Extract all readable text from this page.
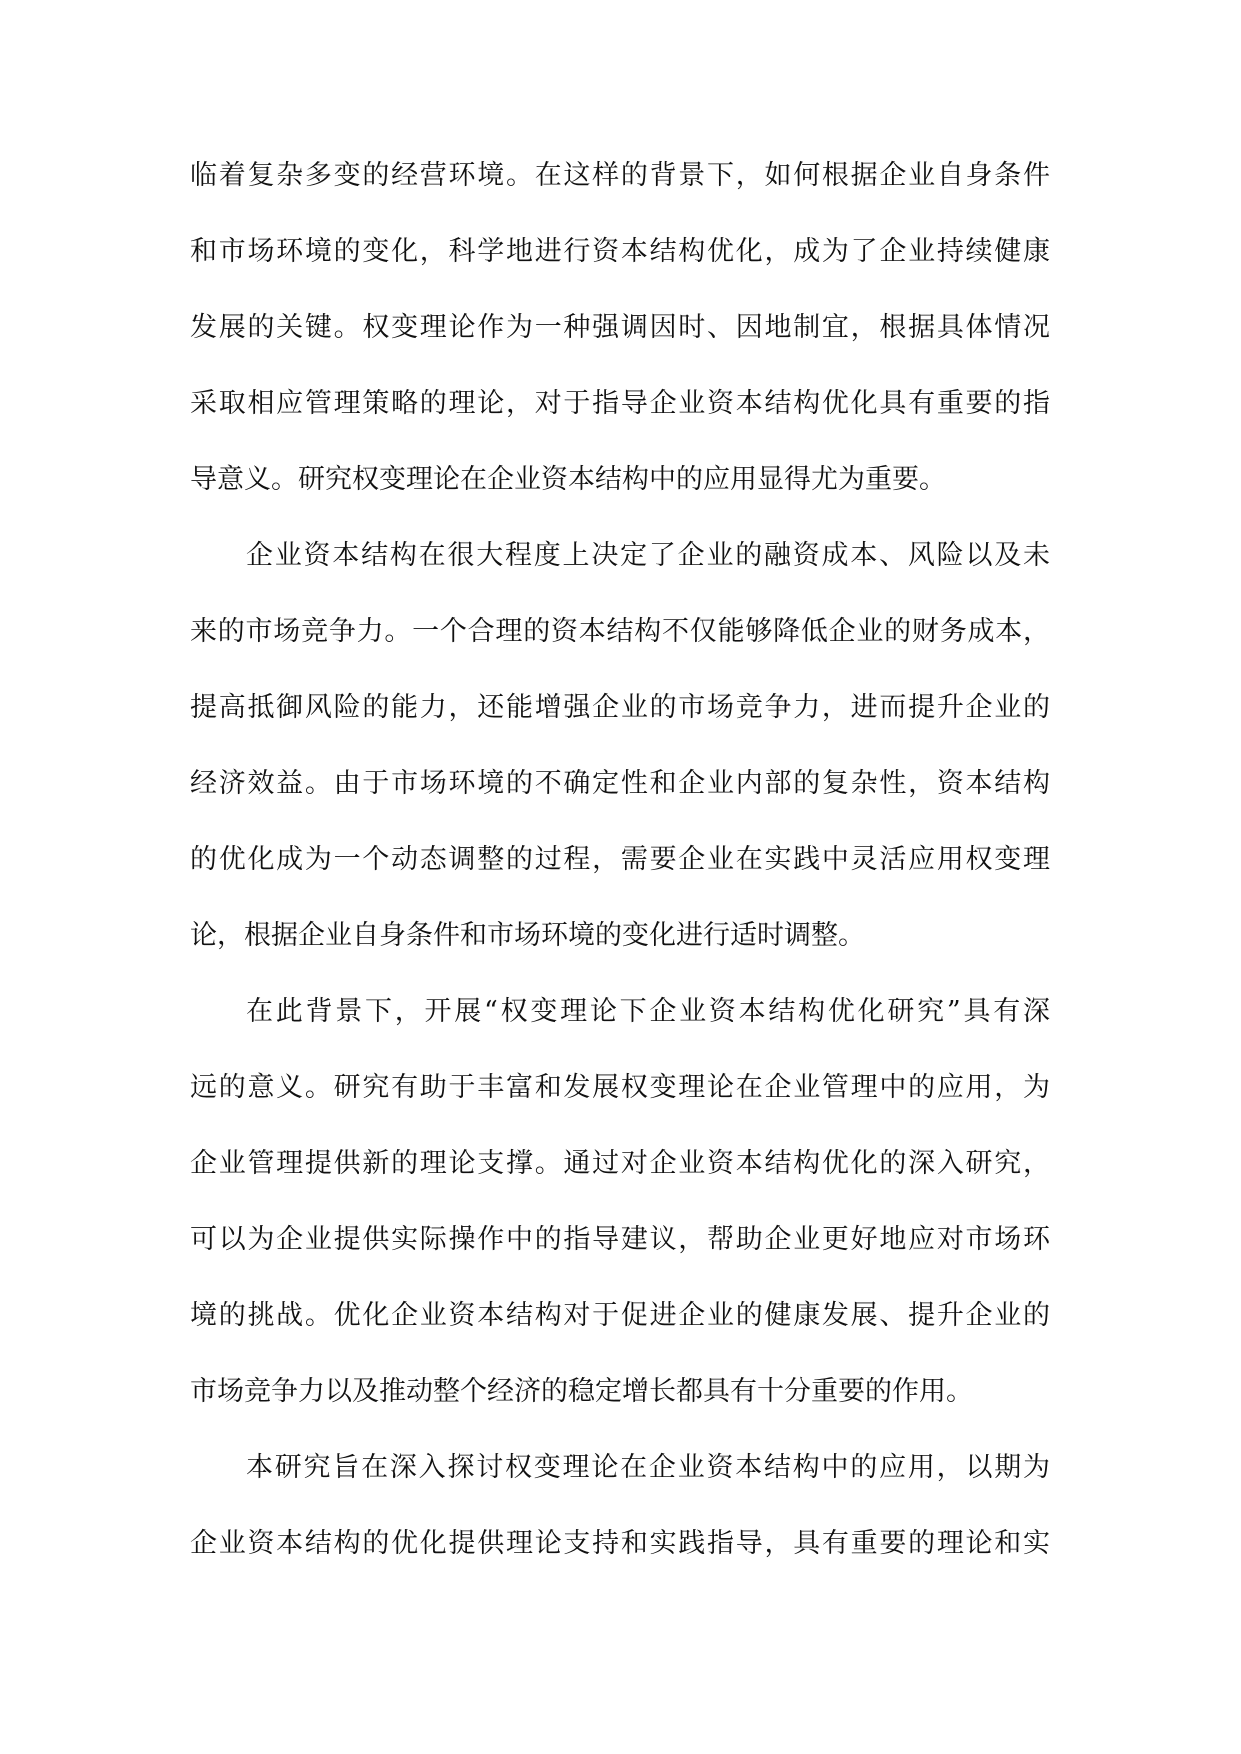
临着复杂多变的经营环境。在这样的背景下，如何根据企业自身条件
和市场环境的变化，科学地进行资本结构优化，成为了企业持续健康
发展的关键。权变理论作为一种强调因时、因地制宜，根据具体情况
采取相应管理策略的理论，对于指导企业资本结构优化具有重要的指
导意义。研究权变理论在企业资本结构中的应用显得尤为重要。
企业资本结构在很大程度上决定了企业的融资成本、风险以及未
来的市场竞争力。一个合理的资本结构不仅能够降低企业的财务成本，
提高抵御风险的能力，还能增强企业的市场竞争力，进而提升企业的
经济效益。由于市场环境的不确定性和企业内部的复杂性，资本结构
的优化成为一个动态调整的过程，需要企业在实践中灵活应用权变理
论，根据企业自身条件和市场环境的变化进行适时调整。
在此背景下，开展“权变理论下企业资本结构优化研究”具有深
远的意义。研究有助于丰富和发展权变理论在企业管理中的应用，为
企业管理提供新的理论支撑。通过对企业资本结构优化的深入研究，
可以为企业提供实际操作中的指导建议，帮助企业更好地应对市场环
境的挑战。优化企业资本结构对于促进企业的健康发展、提升企业的
市场竞争力以及推动整个经济的稳定增长都具有十分重要的作用。
本研究旨在深入探讨权变理论在企业资本结构中的应用，以期为
企业资本结构的优化提供理论支持和实践指导，具有重要的理论和实
